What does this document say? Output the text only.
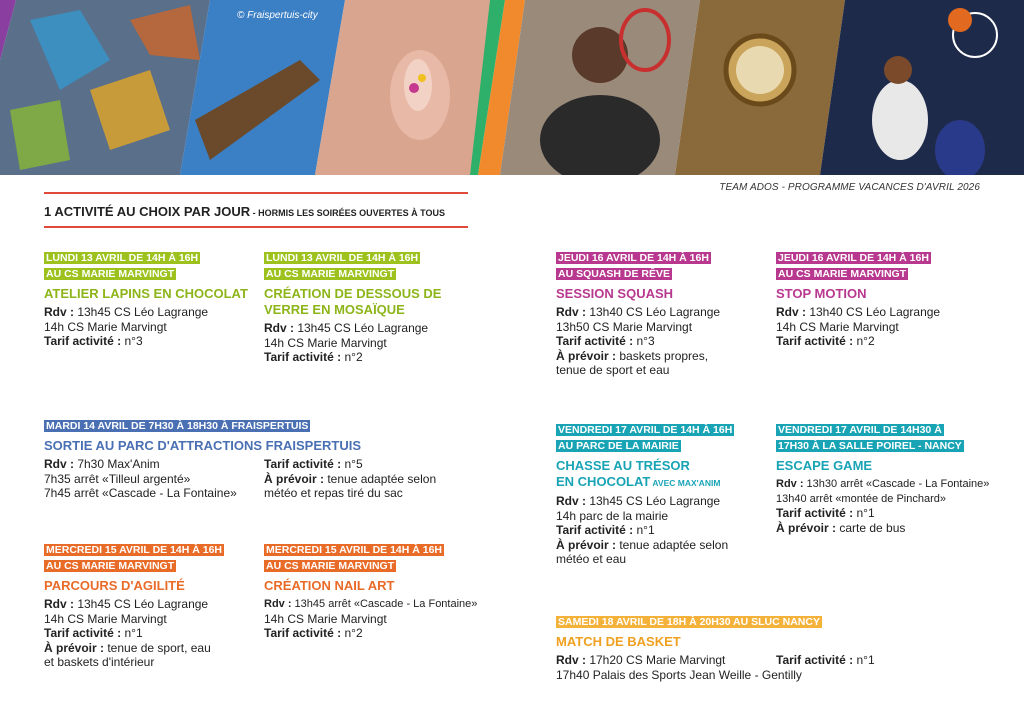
© Fraispertuis-city
TEAM ADOS - PROGRAMME VACANCES D'AVRIL 2026
1 ACTIVITÉ AU CHOIX PAR JOUR - HORMIS LES SOIRÉES OUVERTES À TOUS
LUNDI 13 AVRIL DE 14H À 16H
AU CS MARIE MARVINGT
ATELIER LAPINS EN CHOCOLAT
Rdv : 13h45 CS Léo Lagrange
14h CS Marie Marvingt
Tarif activité : n°3
LUNDI 13 AVRIL DE 14H À 16H
AU CS MARIE MARVINGT
CRÉATION DE DESSOUS DE
VERRE EN MOSAÏQUE
Rdv : 13h45 CS Léo Lagrange
14h CS Marie Marvingt
Tarif activité : n°2
JEUDI 16 AVRIL DE 14H À 16H
AU SQUASH DE RÊVE
SESSION SQUASH
Rdv : 13h40 CS Léo Lagrange
13h50 CS Marie Marvingt
Tarif activité : n°3
À prévoir : baskets propres,
tenue de sport et eau
JEUDI 16 AVRIL DE 14H À 16H
AU CS MARIE MARVINGT
STOP MOTION
Rdv : 13h40 CS Léo Lagrange
14h CS Marie Marvingt
Tarif activité : n°2
MARDI 14 AVRIL DE 7H30 À 18H30 À FRAISPERTUIS
SORTIE AU PARC D'ATTRACTIONS FRAISPERTUIS
Rdv : 7h30 Max'Anim
7h35 arrêt «Tilleul argenté»
7h45 arrêt «Cascade - La Fontaine»
Tarif activité : n°5
À prévoir : tenue adaptée selon
météo et repas tiré du sac
VENDREDI 17 AVRIL DE 14H À 16H
AU PARC DE LA MAIRIE
CHASSE AU TRÉSOR
EN CHOCOLAT AVEC MAX'ANIM
Rdv : 13h45 CS Léo Lagrange
14h parc de la mairie
Tarif activité : n°1
À prévoir : tenue adaptée selon
météo et eau
VENDREDI 17 AVRIL DE 14H30 À
17H30 À LA SALLE POIREL - NANCY
ESCAPE GAME
Rdv : 13h30 arrêt «Cascade - La Fontaine»
13h40 arrêt «montée de Pinchard»
Tarif activité : n°1
À prévoir : carte de bus
MERCREDI 15 AVRIL DE 14H À 16H
AU CS MARIE MARVINGT
PARCOURS D'AGILITÉ
Rdv : 13h45 CS Léo Lagrange
14h CS Marie Marvingt
Tarif activité : n°1
À prévoir : tenue de sport, eau
et baskets d'intérieur
MERCREDI 15 AVRIL DE 14H À 16H
AU CS MARIE MARVINGT
CRÉATION NAIL ART
Rdv : 13h45 arrêt «Cascade - La Fontaine»
14h CS Marie Marvingt
Tarif activité : n°2
SAMEDI 18 AVRIL DE 18H À 20H30 AU SLUC NANCY
MATCH DE BASKET
Rdv : 17h20 CS Marie Marvingt	Tarif activité : n°1
17h40 Palais des Sports Jean Weille - Gentilly
